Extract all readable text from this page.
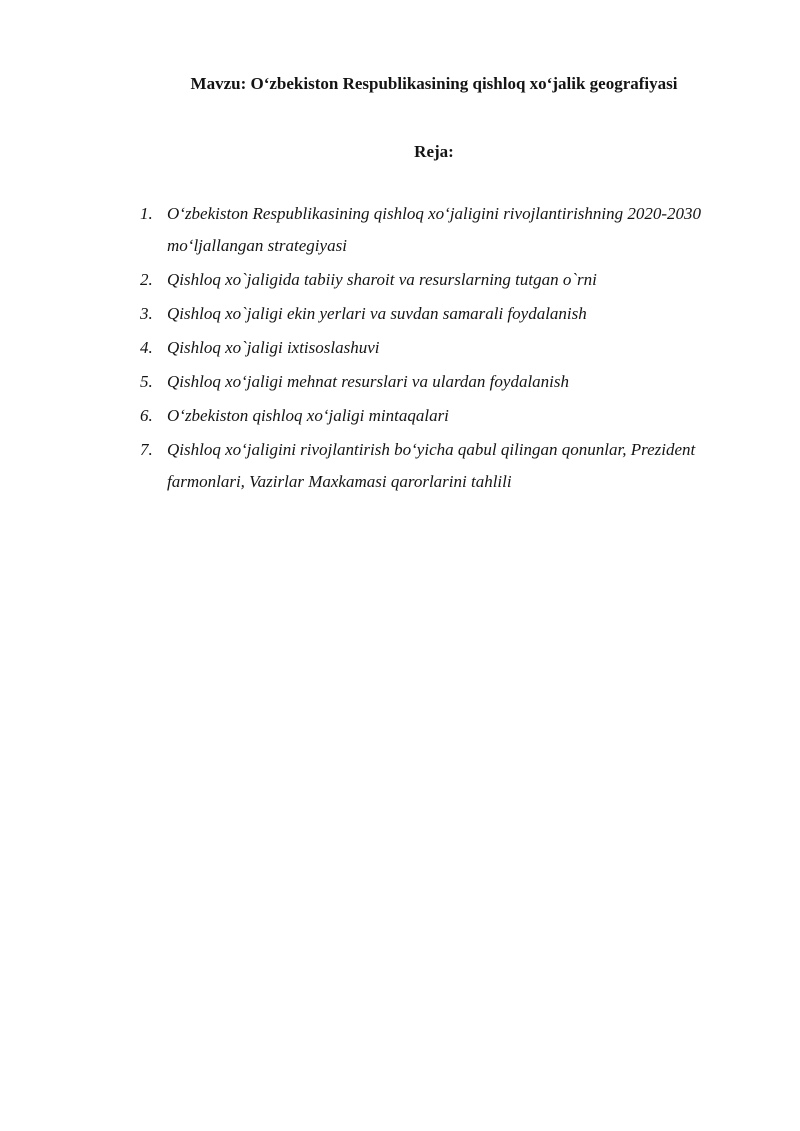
Mavzu: Oʻzbekiston Respublikasining qishloq xoʻjalik geografiyasi
Reja:
Oʻzbekiston Respublikasining qishloq xoʻjaligini rivojlantirishning 2020-2030 moʻljallangan strategiyasi
Qishloq xo`jaligida tabiiy sharoit va resurslarning tutgan o`rni
Qishloq xo`jaligi ekin yerlari va suvdan samarali foydalanish
Qishloq xo`jaligi ixtisoslashuvi
Qishloq xoʻjaligi mehnat resurslari va ulardan foydalanish
Oʻzbekiston qishloq xoʻjaligi mintaqalari
Qishloq xoʻjaligini rivojlantirish boʻyicha qabul qilingan qonunlar, Prezident farmonlari, Vazirlar Maxkamasi qarorlarini tahlili
